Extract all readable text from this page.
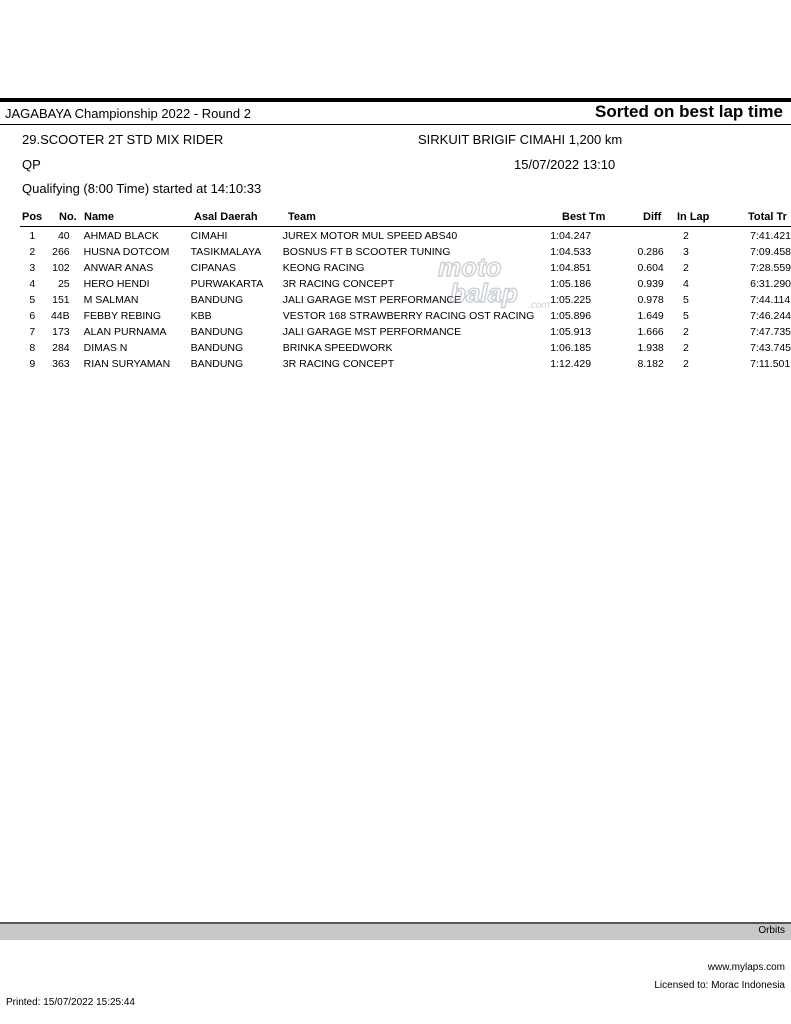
JAGABAYA Championship 2022 - Round 2	Sorted on best lap time
29.SCOOTER 2T STD MIX RIDER	SIRKUIT BRIGIF CIMAHI 1,200 km
QP	15/07/2022 13:10
Qualifying (8:00 Time) started at 14:10:33
Pos No. Name	Asal Daerah	Team	Best Tm	Diff In Lap	Total Tr
1	40	AHMAD BLACK	CIMAHI	JUREX MOTOR MUL SPEED ABS40	1:04.247		2	7:41.421
2	266	HUSNA DOTCOM	TASIKMALAYA	BOSNUS FT B SCOOTER TUNING	1:04.533	0.286	3	7:09.458
3	102	ANWAR ANAS	CIPANAS	KEONG RACING	1:04.851	0.604	2	7:28.559
4	25	HERO HENDI	PURWAKARTA	3R RACING CONCEPT	1:05.186	0.939	4	6:31.290
5	151	M SALMAN	BANDUNG	JALI GARAGE MST PERFORMANCE	1:05.225	0.978	5	7:44.114
6	44B	FEBBY REBING	KBB	VESTOR 168 STRAWBERRY RACING OST RACING	1:05.896	1.649	5	7:46.244
7	173	ALAN PURNAMA	BANDUNG	JALI GARAGE MST PERFORMANCE	1:05.913	1.666	2	7:47.735
8	284	DIMAS N	BANDUNG	BRINKA SPEEDWORK	1:06.185	1.938	2	7:43.745
9	363	RIAN SURYAMAN	BANDUNG	3R RACING CONCEPT	1:12.429	8.182	2	7:11.501
moto
balap .com
Orbits
www.mylaps.com
Licensed to: Morac Indonesia
Printed: 15/07/2022 15:25:44
